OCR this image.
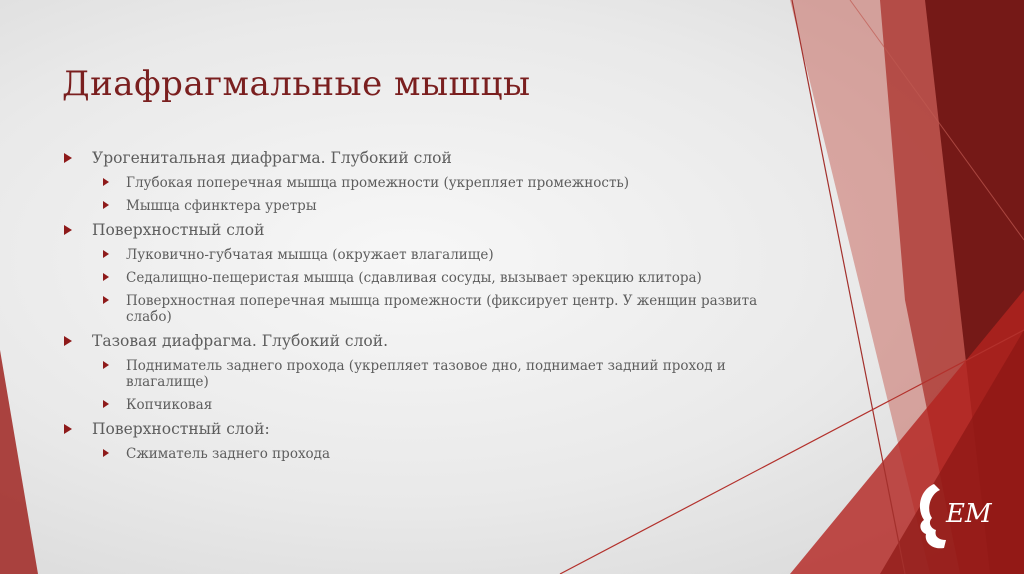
Диафрагмальные мышцы
Урогенитальная диафрагма. Глубокий слой
Глубокая поперечная мышца промежности (укрепляет промежность)
Мышца сфинктера уретры
Поверхностный слой
Луковично-губчатая мышца (окружает влагалище)
Седалищно-пещеристая мышца (сдавливая сосуды, вызывает эрекцию клитора)
Поверхностная поперечная мышца промежности (фиксирует центр. У женщин развита слабо)
Тазовая диафрагма. Глубокий слой.
Подниматель заднего прохода (укрепляет тазовое дно, поднимает задний проход и влагалище)
Копчиковая
Поверхностный слой:
Сжиматель заднего прохода
EM
